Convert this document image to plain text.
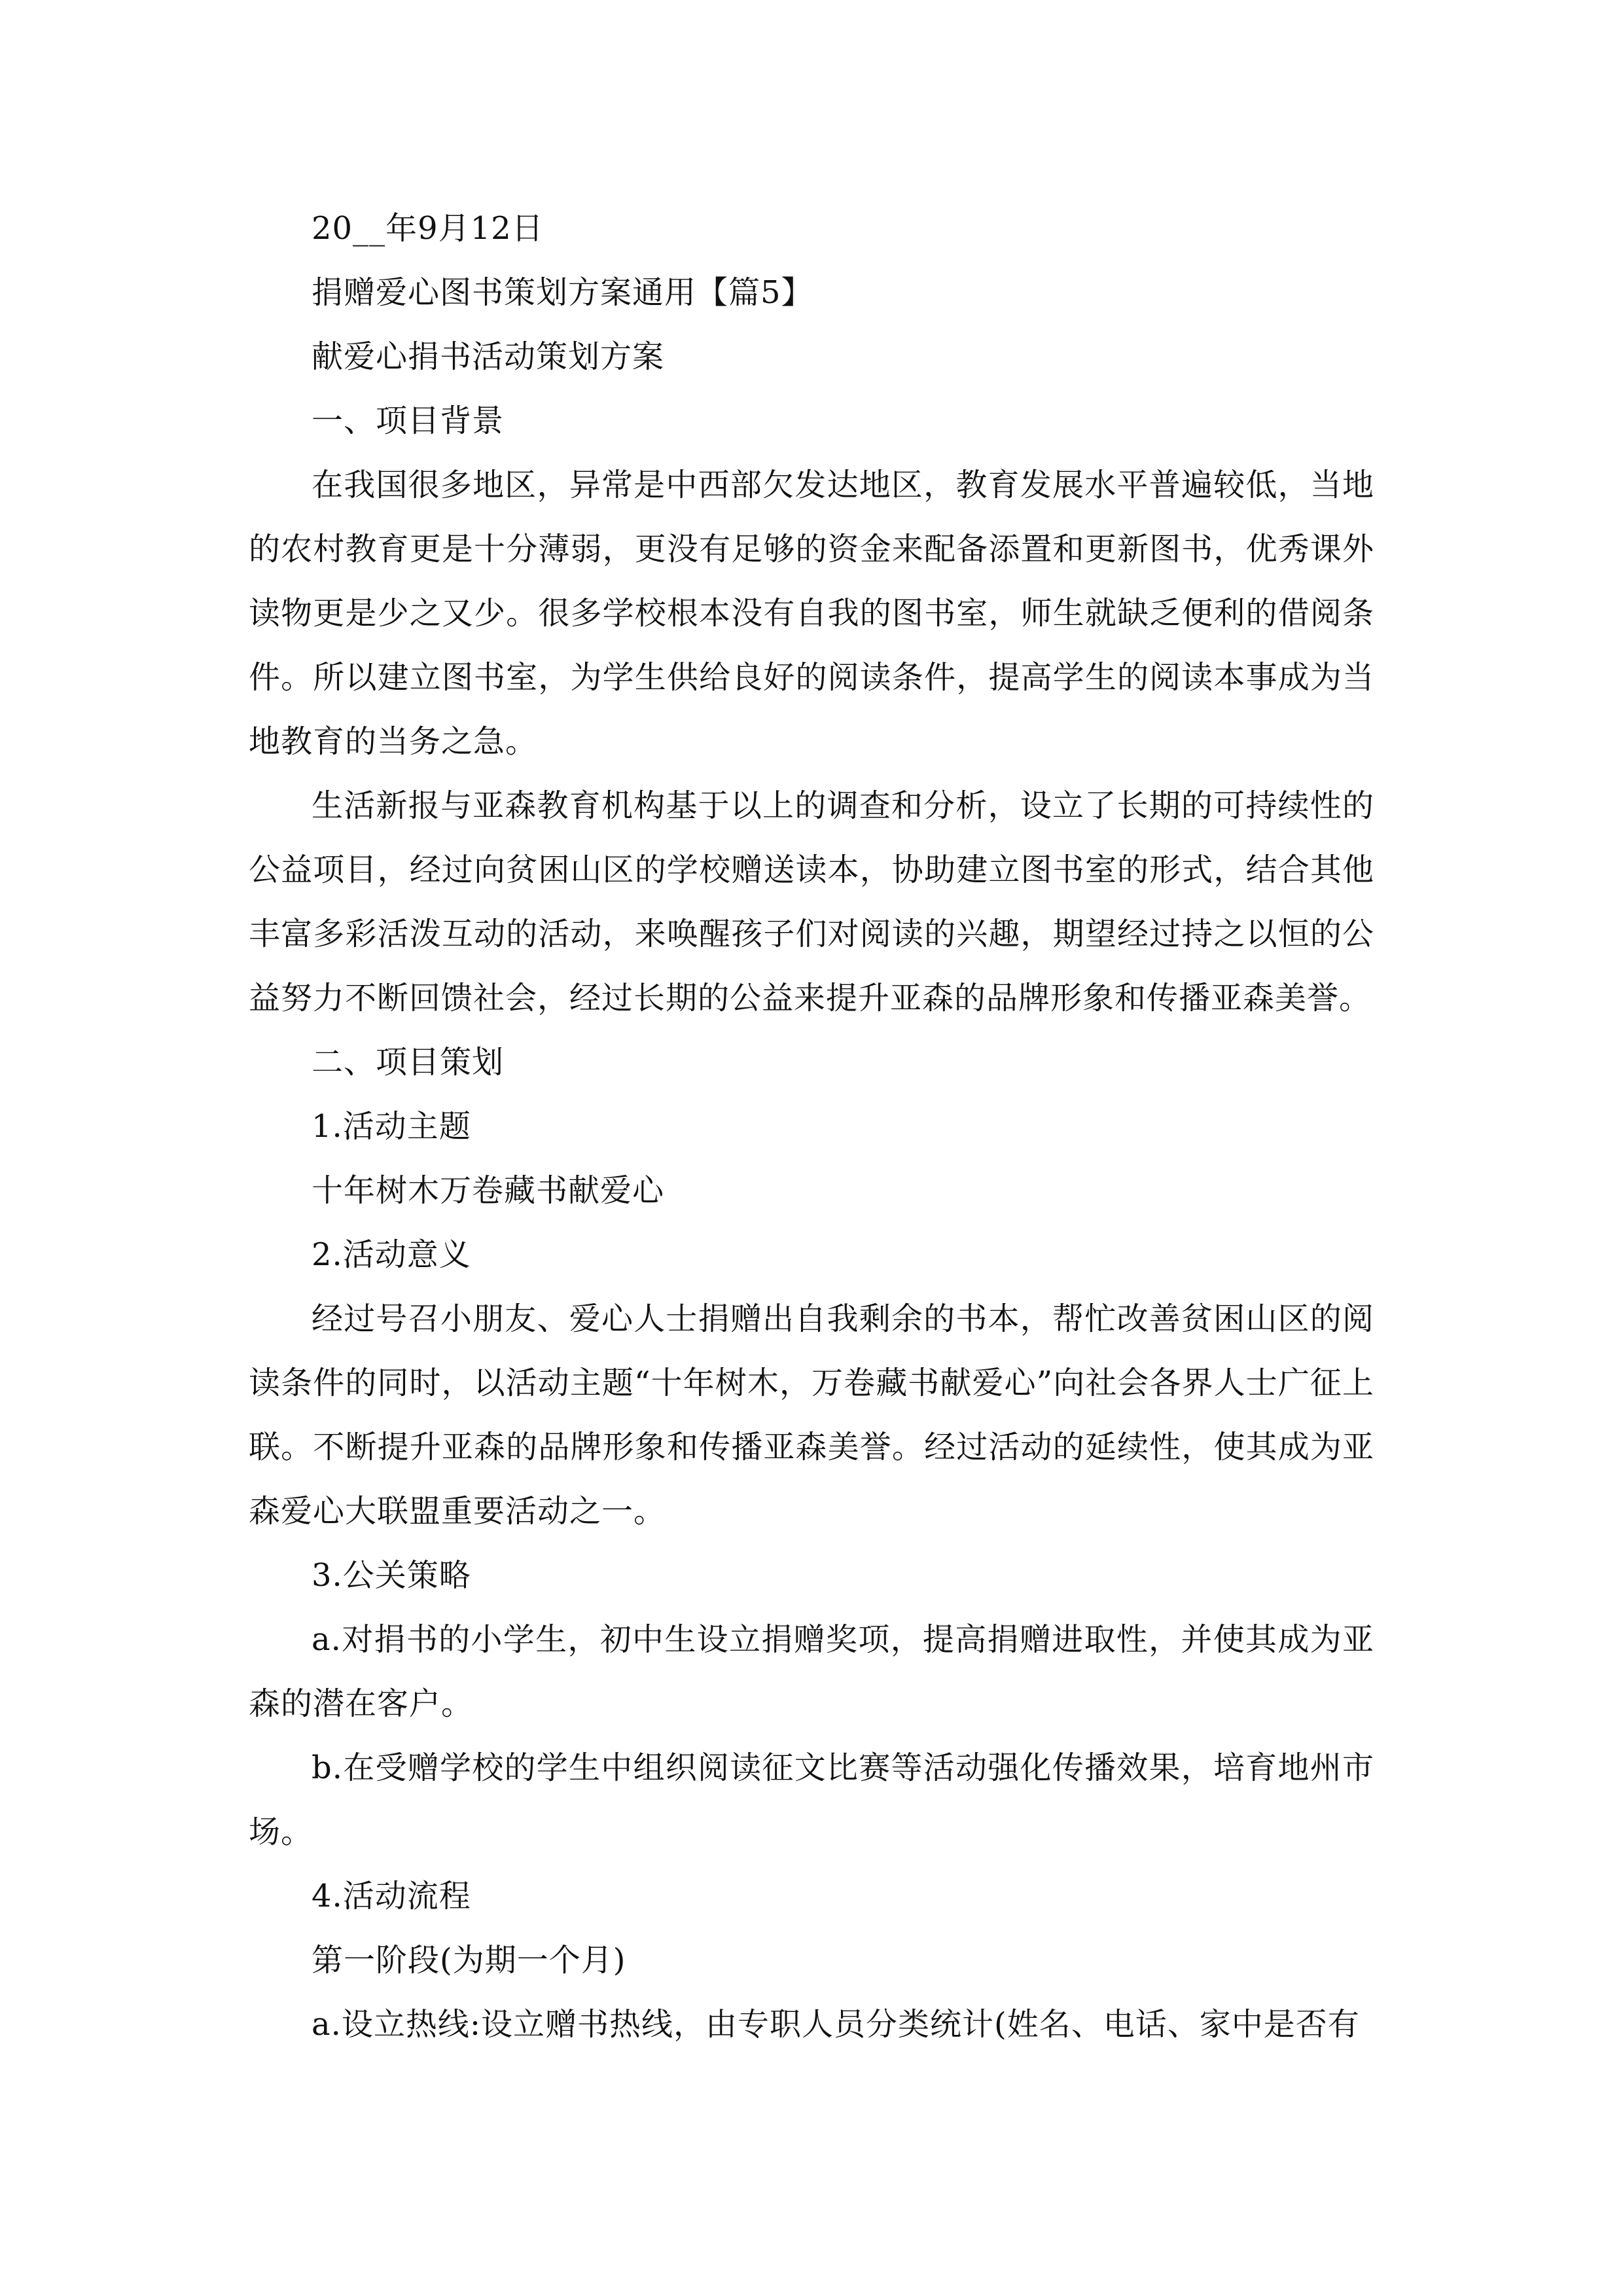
20__年9月12日

捐赠爱心图书策划方案通用【篇5】

献爱心捐书活动策划方案

一、项目背景

在我国很多地区，异常是中西部欠发达地区，教育发展水平普遍较低，当地的农村教育更是十分薄弱，更没有足够的资金来配备添置和更新图书，优秀课外读物更是少之又少。很多学校根本没有自我的图书室，师生就缺乏便利的借阅条件。所以建立图书室，为学生供给良好的阅读条件，提高学生的阅读本事成为当地教育的当务之急。

生活新报与亚森教育机构基于以上的调查和分析，设立了长期的可持续性的公益项目，经过向贫困山区的学校赠送读本，协助建立图书室的形式，结合其他丰富多彩活泼互动的活动，来唤醒孩子们对阅读的兴趣，期望经过持之以恒的公益努力不断回馈社会，经过长期的公益来提升亚森的品牌形象和传播亚森美誉。

二、项目策划

1.活动主题

十年树木万卷藏书献爱心

2.活动意义

经过号召小朋友、爱心人士捐赠出自我剩余的书本，帮忙改善贫困山区的阅读条件的同时，以活动主题“十年树木，万卷藏书献爱心”向社会各界人士广征上联。不断提升亚森的品牌形象和传播亚森美誉。经过活动的延续性，使其成为亚森爱心大联盟重要活动之一。

3.公关策略

a.对捐书的小学生，初中生设立捐赠奖项，提高捐赠进取性，并使其成为亚森的潜在客户。

b.在受赠学校的学生中组织阅读征文比赛等活动强化传播效果，培育地州市场。

4.活动流程

第一阶段(为期一个月)

a.设立热线:设立赠书热线，由专职人员分类统计(姓名、电话、家中是否有
